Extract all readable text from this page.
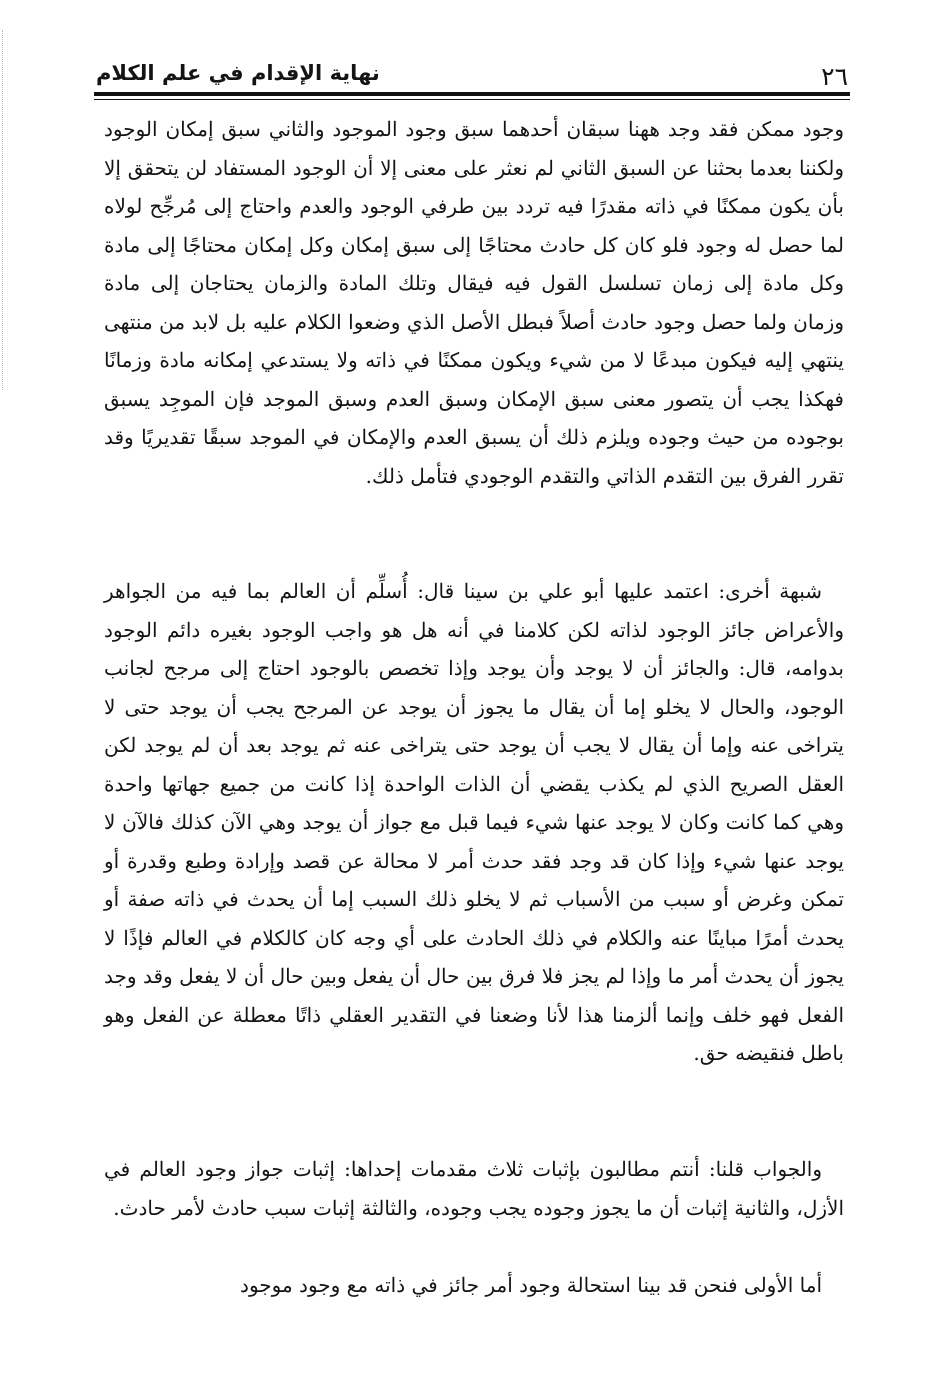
نهاية الإقدام في علم الكلام	٢٦

وجود ممكن فقد وجد ههنا سبقان أحدهما سبق وجود الموجود والثاني سبق إمكان الوجود ولكننا بعدما بحثنا عن السبق الثاني لم نعثر على معنى إلا أن الوجود المستفاد لن يتحقق إلا بأن يكون ممكنًا في ذاته مقدرًا فيه تردد بين طرفي الوجود والعدم واحتاج إلى مُرجِّح لولاه لما حصل له وجود فلو كان كل حادث محتاجًا إلى سبق إمكان وكل إمكان محتاجًا إلى مادة وكل مادة إلى زمان تسلسل القول فيه فيقال وتلك المادة والزمان يحتاجان إلى مادة وزمان ولما حصل وجود حادث أصلاً فبطل الأصل الذي وضعوا الكلام عليه بل لابد من منتهى ينتهي إليه فيكون مبدعًا لا من شيء ويكون ممكنًا في ذاته ولا يستدعي إمكانه مادة وزمانًا فهكذا يجب أن يتصور معنى سبق الإمكان وسبق العدم وسبق الموجد فإن الموجِد يسبق بوجوده من حيث وجوده ويلزم ذلك أن يسبق العدم والإمكان في الموجد سبقًا تقديريًا وقد تقرر الفرق بين التقدم الذاتي والتقدم الوجودي فتأمل ذلك.

شبهة أخرى: اعتمد عليها أبو علي بن سينا قال: أُسلِّم أن العالم بما فيه من الجواهر والأعراض جائز الوجود لذاته لكن كلامنا في أنه هل هو واجب الوجود بغيره دائم الوجود بدوامه، قال: والجائز أن لا يوجد وأن يوجد وإذا تخصص بالوجود احتاج إلى مرجح لجانب الوجود، والحال لا يخلو إما أن يقال ما يجوز أن يوجد عن المرجح يجب أن يوجد حتى لا يتراخى عنه وإما أن يقال لا يجب أن يوجد حتى يتراخى عنه ثم يوجد بعد أن لم يوجد لكن العقل الصريح الذي لم يكذب يقضي أن الذات الواحدة إذا كانت من جميع جهاتها واحدة وهي كما كانت وكان لا يوجد عنها شيء فيما قبل مع جواز أن يوجد وهي الآن كذلك فالآن لا يوجد عنها شيء وإذا كان قد وجد فقد حدث أمر لا محالة عن قصد وإرادة وطبع وقدرة أو تمكن وغرض أو سبب من الأسباب ثم لا يخلو ذلك السبب إما أن يحدث في ذاته صفة أو يحدث أمرًا مباينًا عنه والكلام في ذلك الحادث على أي وجه كان كالكلام في العالم فإذًا لا يجوز أن يحدث أمر ما وإذا لم يجز فلا فرق بين حال أن يفعل وبين حال أن لا يفعل وقد وجد الفعل فهو خلف وإنما ألزمنا هذا لأنا وضعنا في التقدير العقلي ذاتًا معطلة عن الفعل وهو باطل فنقيضه حق.

والجواب قلنا: أنتم مطالبون بإثبات ثلاث مقدمات إحداها: إثبات جواز وجود العالم في الأزل، والثانية إثبات أن ما يجوز وجوده يجب وجوده، والثالثة إثبات سبب حادث لأمر حادث.

أما الأولى فنحن قد بينا استحالة وجود أمر جائز في ذاته مع وجود موجود
